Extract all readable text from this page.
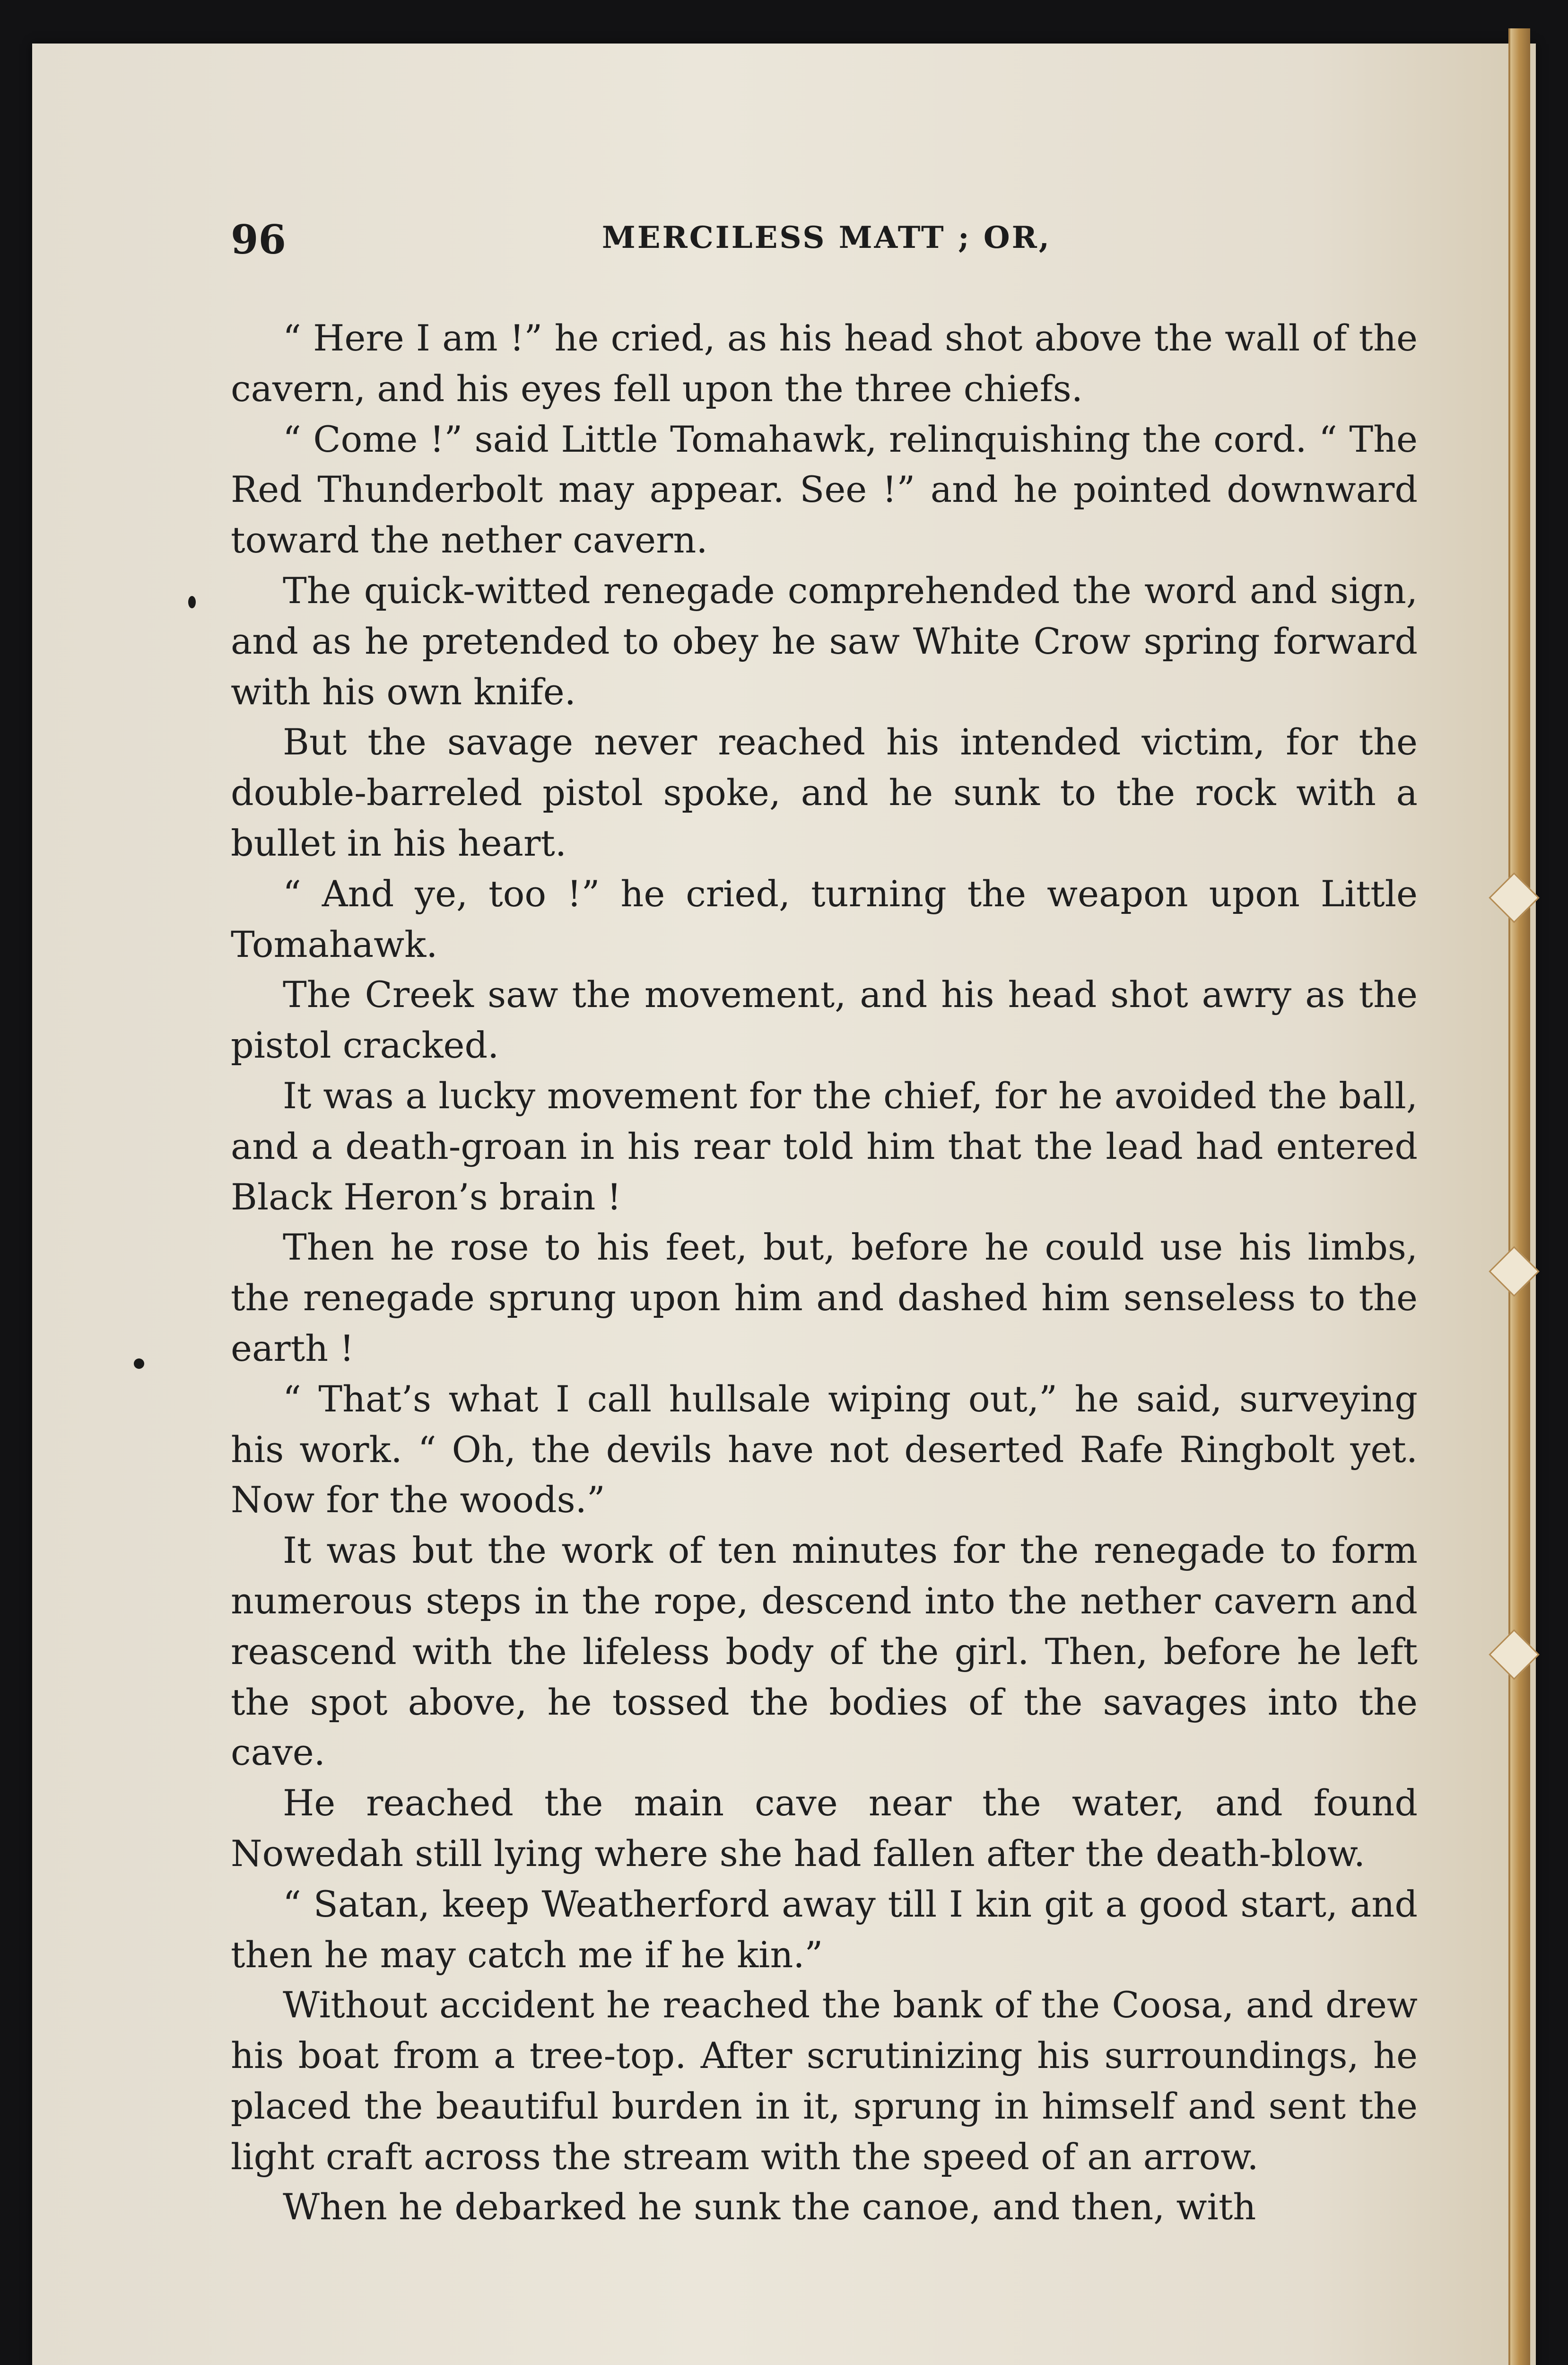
96	MERCILESS MATT ; OR,

“ Here I am !” he cried, as his head shot above the wall of the cavern, and his eyes fell upon the three chiefs.

“ Come !” said Little Tomahawk, relinquishing the cord. “ The Red Thunderbolt may appear. See !” and he pointed downward toward the nether cavern.

The quick-witted renegade comprehended the word and sign, and as he pretended to obey he saw White Crow spring forward with his own knife.

But the savage never reached his intended victim, for the double-barreled pistol spoke, and he sunk to the rock with a bullet in his heart.

“ And ye, too !” he cried, turning the weapon upon Little Tomahawk.

The Creek saw the movement, and his head shot awry as the pistol cracked.

It was a lucky movement for the chief, for he avoided the ball, and a death-groan in his rear told him that the lead had entered Black Heron’s brain !

Then he rose to his feet, but, before he could use his limbs, the renegade sprung upon him and dashed him senseless to the earth !

“ That’s what I call hullsale wiping out,” he said, surveying his work. “ Oh, the devils have not deserted Rafe Ringbolt yet. Now for the woods.”

It was but the work of ten minutes for the renegade to form numerous steps in the rope, descend into the nether cavern and reascend with the lifeless body of the girl. Then, before he left the spot above, he tossed the bodies of the savages into the cave.

He reached the main cave near the water, and found Nowedah still lying where she had fallen after the death-blow.

“ Satan, keep Weatherford away till I kin git a good start, and then he may catch me if he kin.”

Without accident he reached the bank of the Coosa, and drew his boat from a tree-top. After scrutinizing his surroundings, he placed the beautiful burden in it, sprung in himself and sent the light craft across the stream with the speed of an arrow.

When he debarked he sunk the canoe, and then, with
